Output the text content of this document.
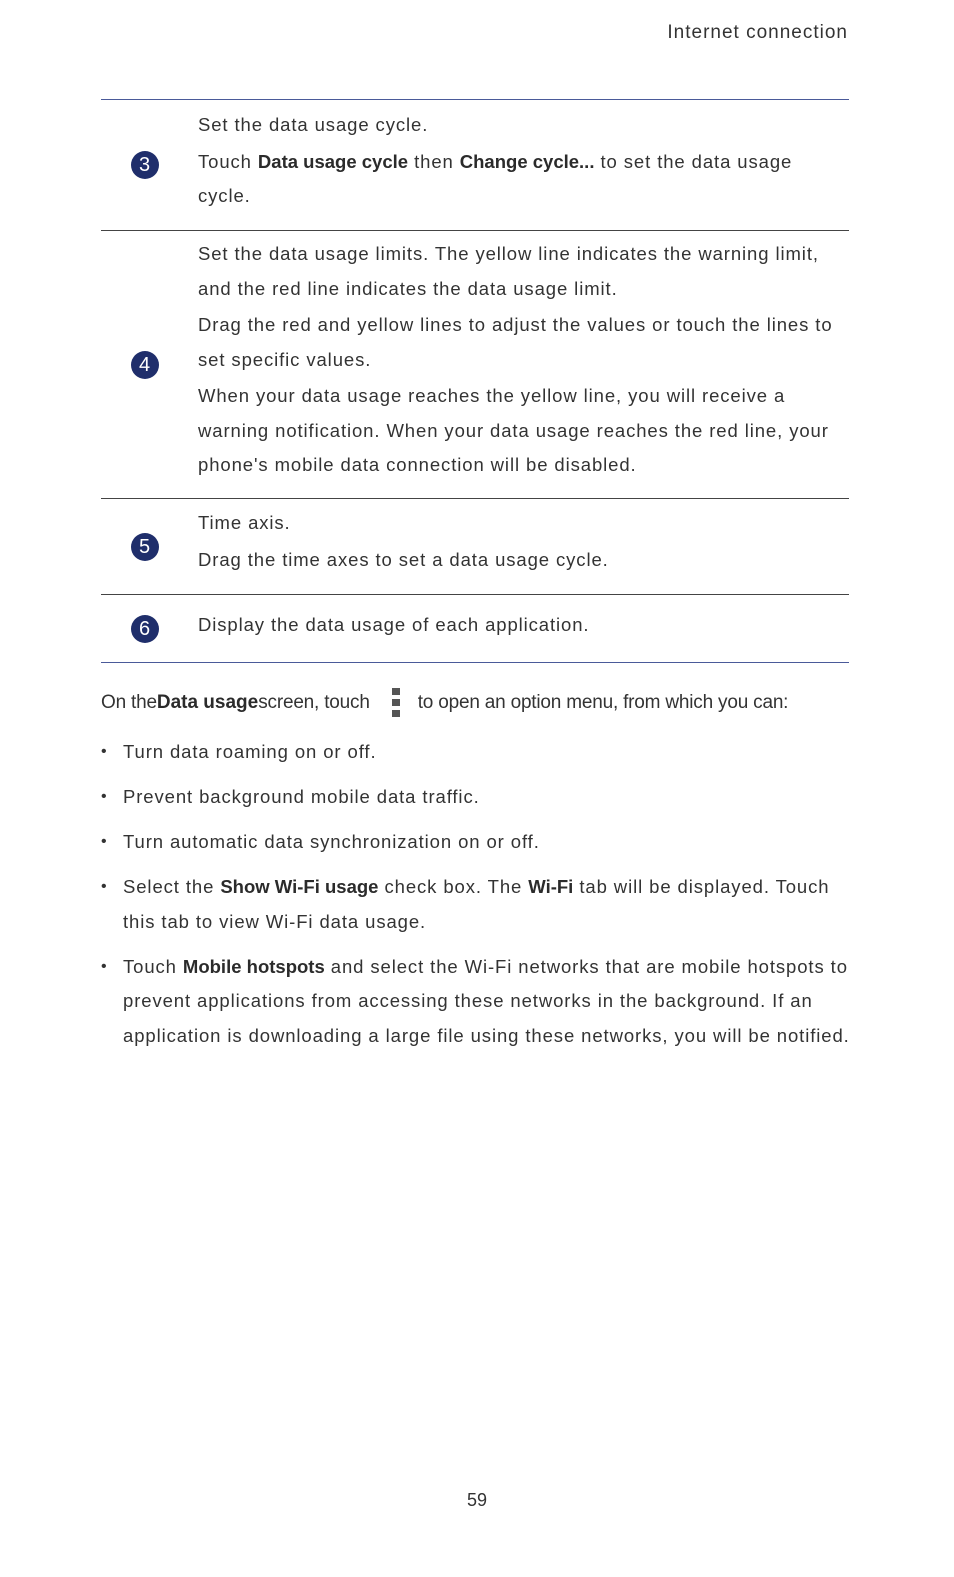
Internet connection
3

Set the data usage cycle.

Touch Data usage cycle then Change cycle... to set the data usage cycle.

4

Set the data usage limits. The yellow line indicates the warning limit, and the red line indicates the data usage limit.

Drag the red and yellow lines to adjust the values or touch the lines to set specific values.

When your data usage reaches the yellow line, you will receive a warning notification. When your data usage reaches the red line, your phone's mobile data connection will be disabled.

5

Time axis.

Drag the time axes to set a data usage cycle.

6	Display the data usage of each application.

On the Data usage screen, touch	to open an option menu, from which you can:
• Turn data roaming on or off.
• Prevent background mobile data traffic.
• Turn automatic data synchronization on or off.
• Select the Show Wi-Fi usage check box. The Wi-Fi tab will be displayed. Touch this tab to view Wi-Fi data usage.
• Touch Mobile hotspots and select the Wi-Fi networks that are mobile hotspots to prevent applications from accessing these networks in the background. If an application is downloading a large file using these networks, you will be notified.
59
